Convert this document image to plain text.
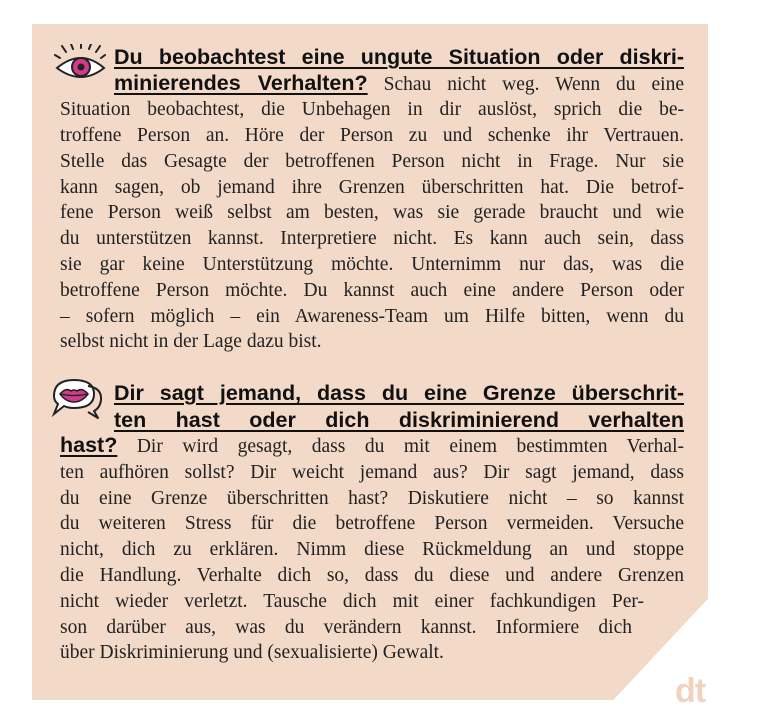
Du beobachtest eine ungute Situation oder diskri-
minierendes Verhalten? Schau nicht weg. Wenn du eine
Situation beobachtest, die Unbehagen in dir auslöst, sprich die be-
troffene Person an. Höre der Person zu und schenke ihr Vertrauen.
Stelle das Gesagte der betroffenen Person nicht in Frage. Nur sie
kann sagen, ob jemand ihre Grenzen überschritten hat. Die betrof-
fene Person weiß selbst am besten, was sie gerade braucht und wie
du unterstützen kannst. Interpretiere nicht. Es kann auch sein, dass
sie gar keine Unterstützung möchte. Unternimm nur das, was die
betroffene Person möchte. Du kannst auch eine andere Person oder
– sofern möglich – ein Awareness-Team um Hilfe bitten, wenn du
selbst nicht in der Lage dazu bist.
Dir sagt jemand, dass du eine Grenze überschrit-
ten hast oder dich diskriminierend verhalten
hast? Dir wird gesagt, dass du mit einem bestimmten Verhal-
ten aufhören sollst? Dir weicht jemand aus? Dir sagt jemand, dass
du eine Grenze überschritten hast? Diskutiere nicht – so kannst
du weiteren Stress für die betroffene Person vermeiden. Versuche
nicht, dich zu erklären. Nimm diese Rückmeldung an und stoppe
die Handlung. Verhalte dich so, dass du diese und andere Grenzen
nicht wieder verletzt. Tausche dich mit einer fachkundigen Per-
son darüber aus, was du verändern kannst. Informiere dich
über Diskriminierung und (sexualisierte) Gewalt.
dt
